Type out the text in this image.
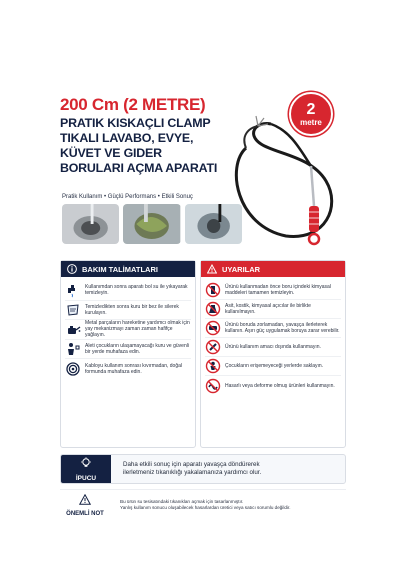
200 Cm (2 METRE)
PRATIK KISKAÇLI CLAMP
TIKALI LAVABO, EVYE,
KÜVET VE GIDER
BORULARI AÇMA APARATI
2
metre
Pratik Kullanım • Güçlü Performans • Etkili Sonuç
BAKIM TALİMATLARI
Kullanımdan sonra aparatı bol su ile yıkayarak temizleyin.
Temizledikten sonra kuru bir bez ile silerek kurulayın.
Metal parçaların hareketine yardımcı olmak için yay mekanizmayı zaman zaman hafifçe yağlayın.
Aleti çocukların ulaşamayacağı kuru ve güvenli bir yerde muhafaza edin.
Kabloyu kullanım sonrası kıvırmadan, doğal formunda muhafaza edin.
UYARILAR
Ürünü kullanmadan önce boru içindeki kimyasal maddeleri tamamen temizleyin.
Asit, kostik, kimyasal açıcılar ile birlikte kullanılmayın.
Ürünü boruda zorlamadan, yavaşça ilerleterek kullanın. Aşırı güç uygulamak boruya zarar verebilir.
Ürünü kullanım amacı dışında kullanmayın.
Çocukların erişemeyeceği yerlerde saklayın.
Hasarlı veya deforme olmuş ürünleri kullanmayın.
İPUCU
Daha etkili sonuç için aparatı yavaşça döndürerek
ilerletmeniz tıkanıklığı yakalamanıza yardımcı olur.
ÖNEMLİ NOT
Bu ürün su tesisatındaki tıkanıkları açmak için tasarlanmıştır.
Yanlış kullanım sonucu oluşabilecek hasarlardan üretici veya satıcı sorumlu değildir.
